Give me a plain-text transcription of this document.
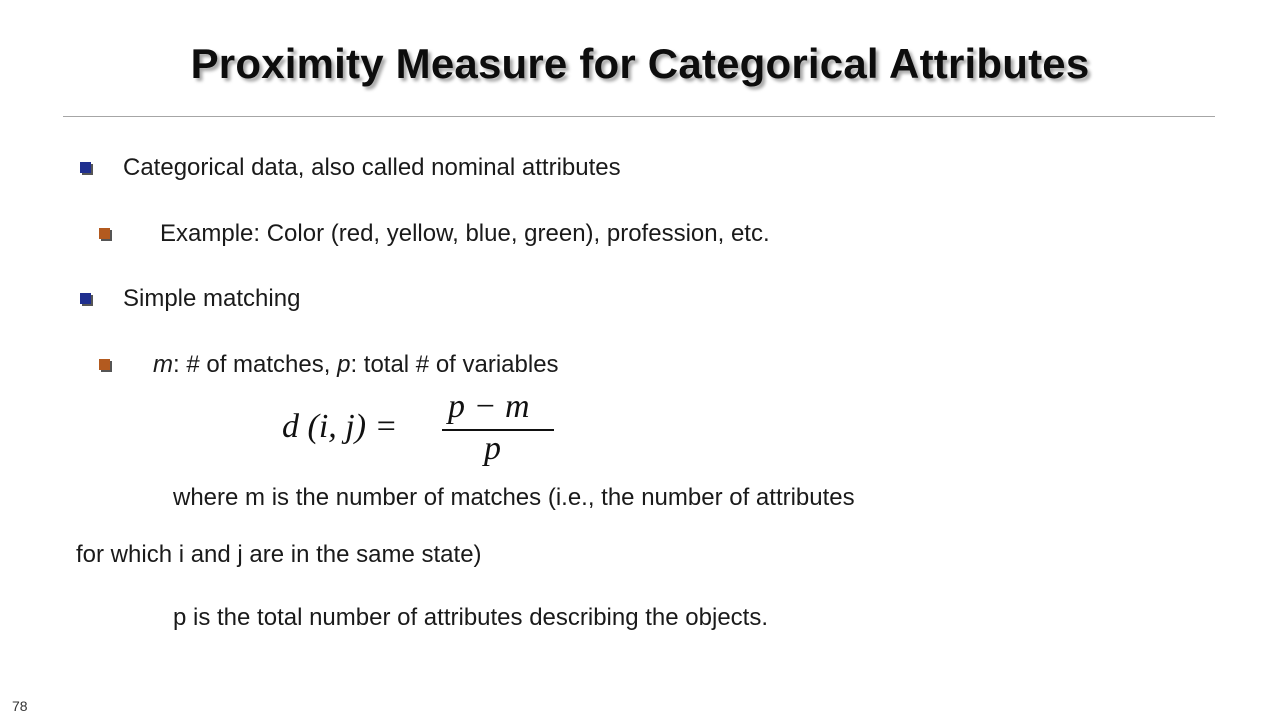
Proximity Measure for Categorical Attributes
Categorical data, also called nominal attributes
Example: Color (red, yellow, blue, green), profession, etc.
Simple matching
m: # of matches, p: total # of variables
d (i, j) =
p − m
p
where m is the number of matches (i.e., the number of attributes
for which i and j are in the same state)
p is the total number of attributes describing the objects.
78
